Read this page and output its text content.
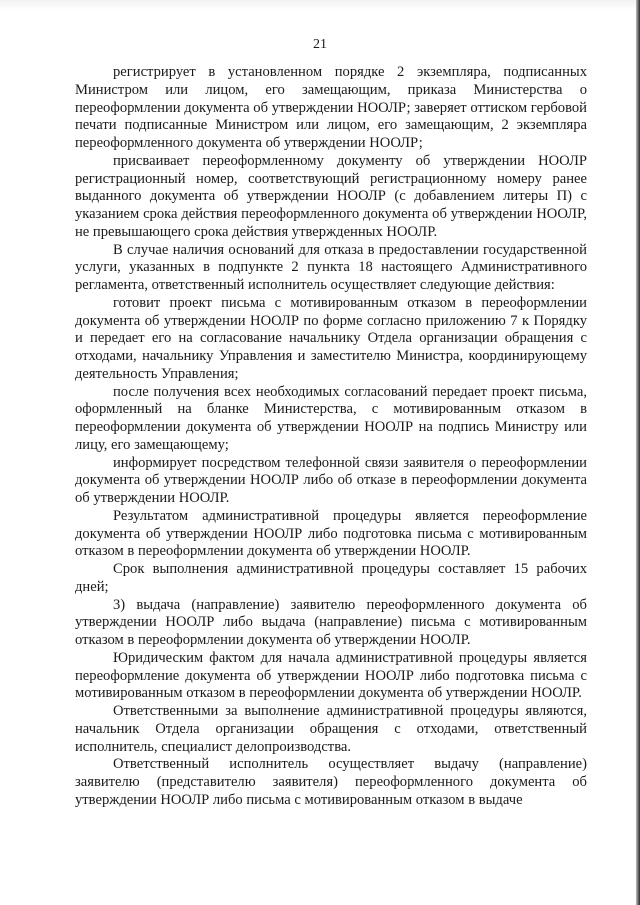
21

регистрирует в установленном порядке 2 экземпляра, подписанных Министром или лицом, его замещающим, приказа Министерства о переоформлении документа об утверждении НООЛР; заверяет оттиском гербовой печати подписанные Министром или лицом, его замещающим, 2 экземпляра переоформленного документа об утверждении НООЛР;

присваивает переоформленному документу об утверждении НООЛР регистрационный номер, соответствующий регистрационному номеру ранее выданного документа об утверждении НООЛР (с добавлением литеры П) с указанием срока действия переоформленного документа об утверждении НООЛР, не превышающего срока действия утвержденных НООЛР.

В случае наличия оснований для отказа в предоставлении государственной услуги, указанных в подпункте 2 пункта 18 настоящего Административного регламента, ответственный исполнитель осуществляет следующие действия:

готовит проект письма с мотивированным отказом в переоформлении документа об утверждении НООЛР по форме согласно приложению 7 к Порядку и передает его на согласование начальнику Отдела организации обращения с отходами, начальнику Управления и заместителю Министра, координирующему деятельность Управления;

после получения всех необходимых согласований передает проект письма, оформленный на бланке Министерства, с мотивированным отказом в переоформлении документа об утверждении НООЛР на подпись Министру или лицу, его замещающему;

информирует посредством телефонной связи заявителя о переоформлении документа об утверждении НООЛР либо об отказе в переоформлении документа об утверждении НООЛР.

Результатом административной процедуры является переоформление документа об утверждении НООЛР либо подготовка письма с мотивированным отказом в переоформлении документа об утверждении НООЛР.

Срок выполнения административной процедуры составляет 15 рабочих дней;

3) выдача (направление) заявителю переоформленного документа об утверждении НООЛР либо выдача (направление) письма с мотивированным отказом в переоформлении документа об утверждении НООЛР.

Юридическим фактом для начала административной процедуры является переоформление документа об утверждении НООЛР либо подготовка письма с мотивированным отказом в переоформлении документа об утверждении НООЛР.

Ответственными за выполнение административной процедуры являются, начальник Отдела организации обращения с отходами, ответственный исполнитель, специалист делопроизводства.

Ответственный исполнитель осуществляет выдачу (направление) заявителю (представителю заявителя) переоформленного документа об утверждении НООЛР либо письма с мотивированным отказом в выдаче
